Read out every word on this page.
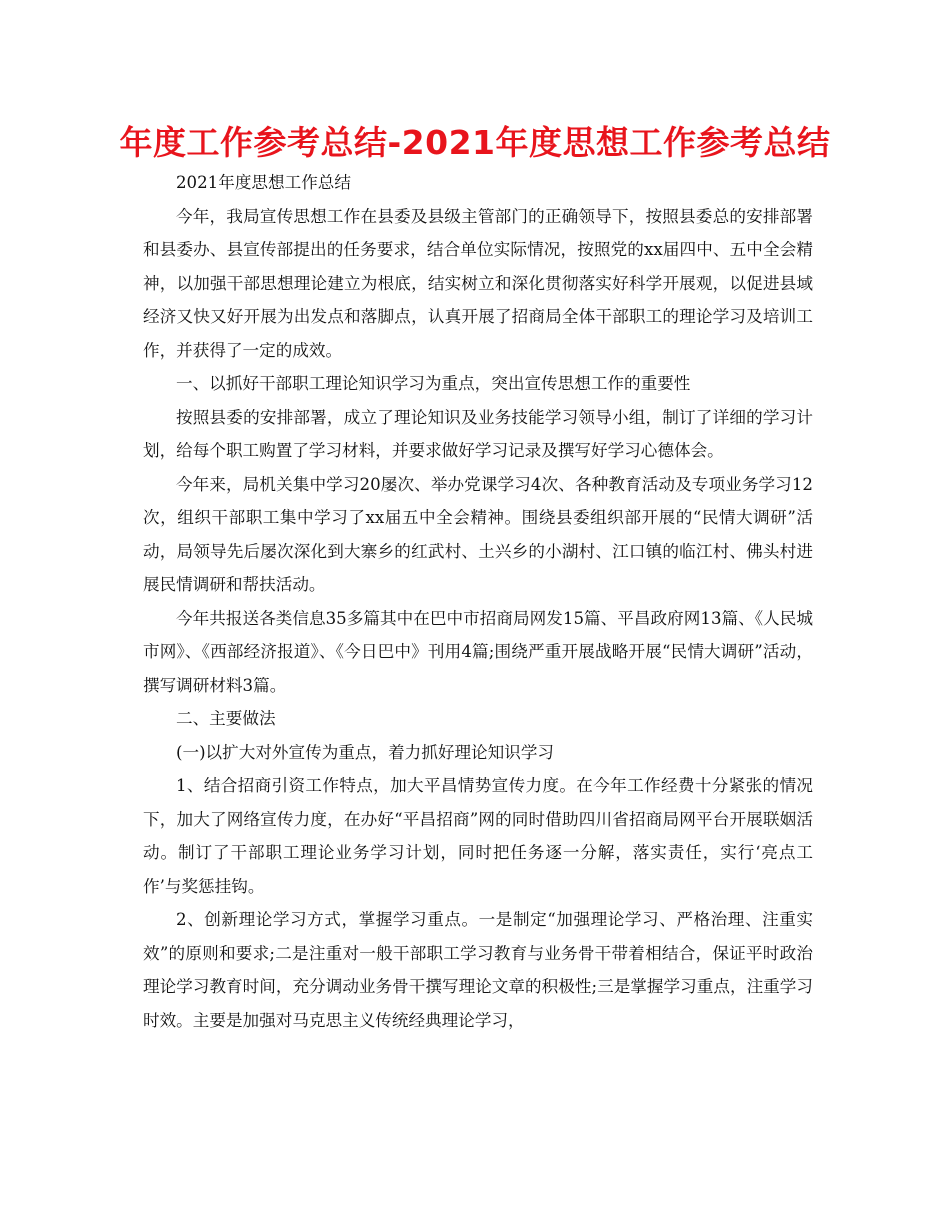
年度工作参考总结-2021年度思想工作参考总结

2021年度思想工作总结

今年，我局宣传思想工作在县委及县级主管部门的正确领导下，按照县委总的安排部署和县委办、县宣传部提出的任务要求，结合单位实际情况，按照党的xx届四中、五中全会精神，以加强干部思想理论建立为根底，结实树立和深化贯彻落实好科学开展观，以促进县域经济又快又好开展为出发点和落脚点，认真开展了招商局全体干部职工的理论学习及培训工作，并获得了一定的成效。

一、以抓好干部职工理论知识学习为重点，突出宣传思想工作的重要性

按照县委的安排部署，成立了理论知识及业务技能学习领导小组，制订了详细的学习计划，给每个职工购置了学习材料，并要求做好学习记录及撰写好学习心德体会。

今年来，局机关集中学习20屡次、举办党课学习4次、各种教育活动及专项业务学习12次，组织干部职工集中学习了xx届五中全会精神。围绕县委组织部开展的“民情大调研”活动，局领导先后屡次深化到大寨乡的红武村、土兴乡的小湖村、江口镇的临江村、佛头村进展民情调研和帮扶活动。

今年共报送各类信息35多篇其中在巴中市招商局网发15篇、平昌政府网13篇、《人民城市网》、《西部经济报道》、《今日巴中》刊用4篇;围绕严重开展战略开展“民情大调研”活动，撰写调研材料3篇。

二、主要做法

(一)以扩大对外宣传为重点，着力抓好理论知识学习

1、结合招商引资工作特点，加大平昌情势宣传力度。在今年工作经费十分紧张的情况下，加大了网络宣传力度，在办好“平昌招商”网的同时借助四川省招商局网平台开展联姻活动。制订了干部职工理论业务学习计划，同时把任务逐一分解，落实责任，实行‘亮点工作’与奖惩挂钩。

2、创新理论学习方式，掌握学习重点。一是制定“加强理论学习、严格治理、注重实效”的原则和要求;二是注重对一般干部职工学习教育与业务骨干带着相结合，保证平时政治理论学习教育时间，充分调动业务骨干撰写理论文章的积极性;三是掌握学习重点，注重学习时效。主要是加强对马克思主义传统经典理论学习，
